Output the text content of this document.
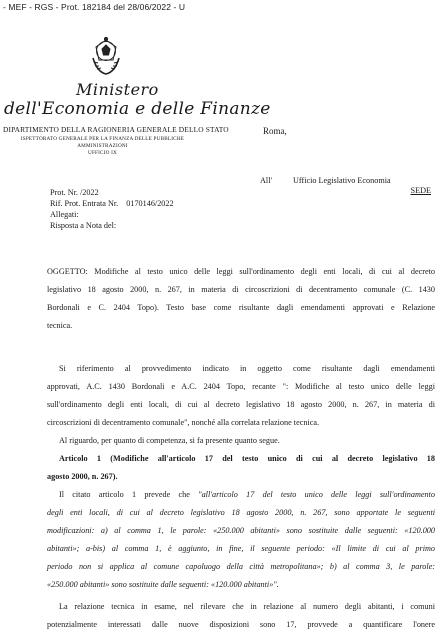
- MEF - RGS - Prot. 182184 del 28/06/2022 - U
Ministero
dell'Economia e delle Finanze
DIPARTIMENTO DELLA RAGIONERIA GENERALE DELLO STATO
ISPETTORATO GENERALE PER LA FINANZA DELLE PUBBLICHE
AMMINISTRAZIONI
UFFICIO IX
Roma,
Prot. Nr. /2022
Rif. Prot. Entrata Nr. 0170146/2022
Allegati:
Risposta a Nota del:
All'	Ufficio Legislativo Economia
SEDE
OGGETTO: Modifiche al testo unico delle leggi sull'ordinamento degli enti locali, di cui al decreto
legislativo 18 agosto 2000, n. 267, in materia di circoscrizioni di decentramento comunale (C. 1430
Bordonali e C. 2404 Topo). Testo base come risultante dagli emendamenti approvati e Relazione
tecnica.
Si riferimento al provvedimento indicato in oggetto come risultante dagli emendamenti
approvati, A.C. 1430 Bordonali e A.C. 2404 Topo, recante ": Modifiche al testo unico delle leggi
sull'ordinamento degli enti locali, di cui al decreto legislativo 18 agosto 2000, n. 267, in materia di
circoscrizioni di decentramento comunale", nonché alla correlata relazione tecnica.
Al riguardo, per quanto di competenza, si fa presente quanto segue.
Articolo 1 (Modifiche all'articolo 17 del testo unico di cui al decreto legislativo 18
agosto 2000, n. 267).
Il citato articolo 1 prevede che "all'articolo 17 del testo unico delle leggi sull'ordinamento
degli enti locali, di cui al decreto legislativo 18 agosto 2000, n. 267, sono apportate le seguenti
modificazioni: a) al comma 1, le parole: «250.000 abitanti» sono sostituite dalle seguenti: «120.000
abitanti»; a-bis) al comma 1, è aggiunto, in fine, il seguente periodo: «Il limite di cui al primo
periodo non si applica al comune capoluogo della città metropolitana»; b) al comma 3, le parole:
«250.000 abitanti» sono sostituite dalle seguenti: «120.000 abitanti»".
La relazione tecnica in esame, nel rilevare che in relazione al numero degli abitanti, i comuni
potenzialmente interessati dalle nuove disposizioni sono 17, provvede a quantificare l'onere
